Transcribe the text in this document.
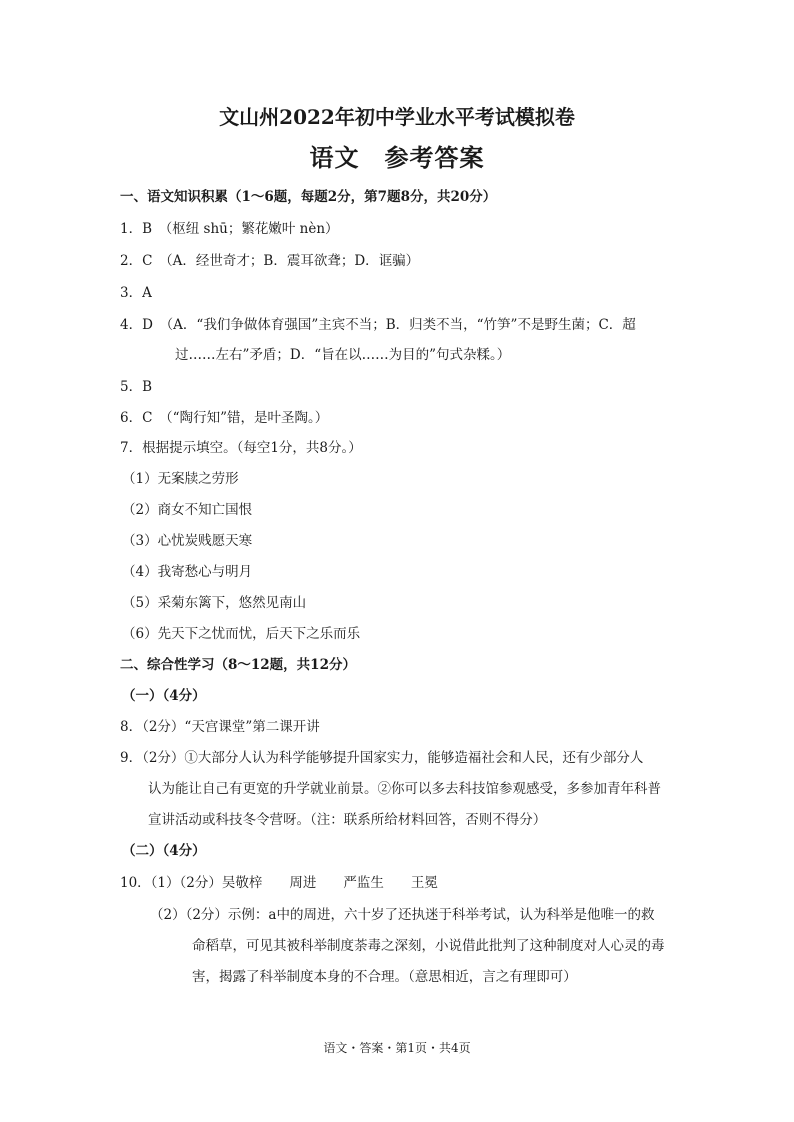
文山州2022年初中学业水平考试模拟卷
语文　参考答案
一、语文知识积累（1～6题，每题2分，第7题8分，共20分）
1．B　（枢纽 shū；繁花嫩叶 nèn）
2．C　（A．经世奇才；B．震耳欲聋；D．诓骗）
3．A
4．D　（A．“我们争做体育强国”主宾不当；B．归类不当，“竹笋”不是野生菌；C．超
过……左右”矛盾；D．“旨在以……为目的”句式杂糅。）
5．B
6．C　（“陶行知”错，是叶圣陶。）
7．根据提示填空。（每空1分，共8分。）
（1）无案牍之劳形
（2）商女不知亡国恨
（3）心忧炭贱愿天寒
（4）我寄愁心与明月
（5）采菊东篱下，悠然见南山
（6）先天下之忧而忧，后天下之乐而乐
二、综合性学习（8～12题，共12分）
（一）（4分）
8．（2分）“天宫课堂”第二课开讲
9．（2分）①大部分人认为科学能够提升国家实力，能够造福社会和人民，还有少部分人
认为能让自己有更宽的升学就业前景。②你可以多去科技馆参观感受，多参加青年科普
宣讲活动或科技冬令营呀。（注：联系所给材料回答，否则不得分）
（二）（4分）
10．（1）（2分）吴敬梓　　周进　　严监生　　王冕
（2）（2分）示例：a中的周进，六十岁了还执迷于科举考试，认为科举是他唯一的救
命稻草，可见其被科举制度荼毒之深刻，小说借此批判了这种制度对人心灵的毒
害，揭露了科举制度本身的不合理。（意思相近，言之有理即可）
语文・答案・第1页・共4页
